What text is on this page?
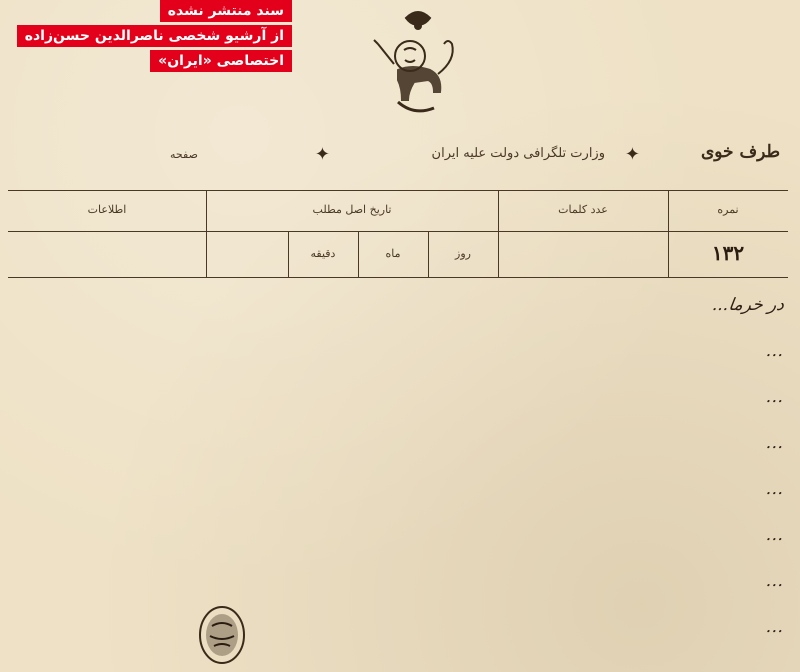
سند منتشر نشده
از آرشیو شخصی ناصرالدین حسن‌زاده
اختصاصی «ایران»
طرف خوی
✦
وزارت تلگرافی دولت علیه ایران
✦
صفحه
نمره
عدد کلمات
تاریخ اصل مطلب
اطلاعات
۱۳۲
روز
ماه
دقیقه
در خرما...
...
...
...
...
...
...
...
